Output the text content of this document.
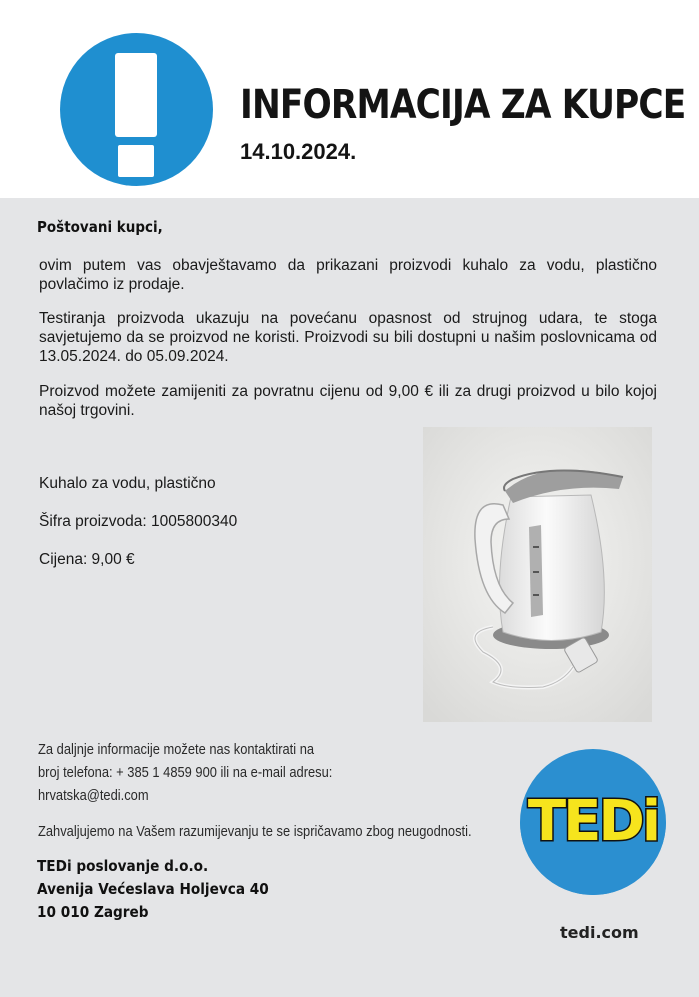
INFORMACIJA ZA KUPCE
14.10.2024.
Poštovani kupci,

ovim putem vas obavještavamo da prikazani proizvodi kuhalo za vodu, plastično povlačimo iz prodaje.

Testiranja proizvoda ukazuju na povećanu opasnost od strujnog udara, te stoga savjetujemo da se proizvod ne koristi. Proizvodi su bili dostupni u našim poslovnicama od 13.05.2024. do 05.09.2024.

Proizvod možete zamijeniti za povratnu cijenu od 9,00 € ili za drugi proizvod u bilo kojoj našoj trgovini.

Kuhalo za vodu, plastično
Šifra proizvoda: 1005800340
Cijena: 9,00 €

Za daljnje informacije možete nas kontaktirati na

broj telefona: + 385 1 4859 900 ili na e-mail adresu:

hrvatska@tedi.com

Zahvaljujemo na Vašem razumijevanju te se ispričavamo zbog neugodnosti.

TEDi poslovanje d.o.o.
Avenija Većeslava Holjevca 40
10 010 Zagreb
TEDi
tedi.com
